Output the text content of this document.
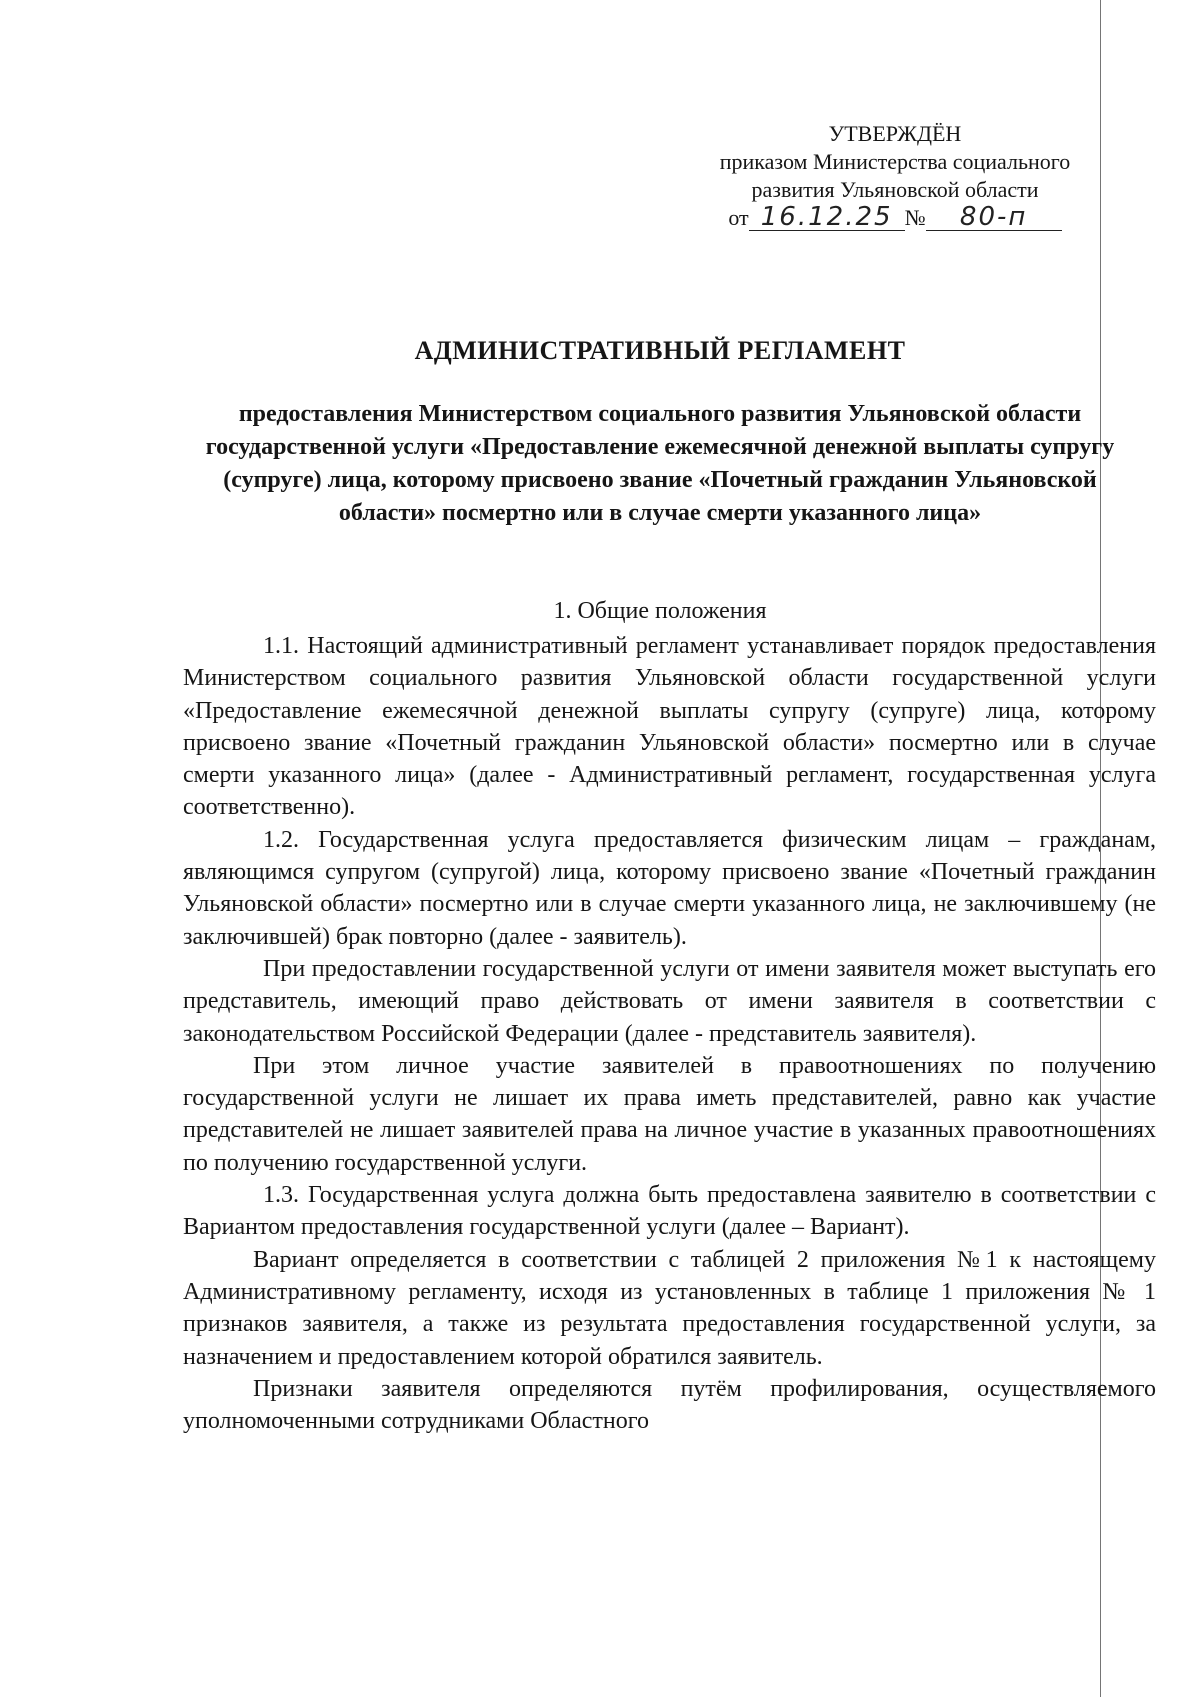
УТВЕРЖДЁН
приказом Министерства социального
развития Ульяновской области
от 16.12.25 № 80-п
АДМИНИСТРАТИВНЫЙ РЕГЛАМЕНТ
предоставления Министерством социального развития Ульяновской области государственной услуги «Предоставление ежемесячной денежной выплаты супругу (супруге) лица, которому присвоено звание «Почетный гражданин Ульяновской области» посмертно или в случае смерти указанного лица»
1. Общие положения

1.1. Настоящий административный регламент устанавливает порядок предоставления Министерством социального развития Ульяновской области государственной услуги «Предоставление ежемесячной денежной выплаты супругу (супруге) лица, которому присвоено звание «Почетный гражданин Ульяновской области» посмертно или в случае смерти указанного лица» (далее - Административный регламент, государственная услуга соответственно).

1.2. Государственная услуга предоставляется физическим лицам – гражданам, являющимся супругом (супругой) лица, которому присвоено звание «Почетный гражданин Ульяновской области» посмертно или в случае смерти указанного лица, не заключившему (не заключившей) брак повторно (далее - заявитель).

При предоставлении государственной услуги от имени заявителя может выступать его представитель, имеющий право действовать от имени заявителя в соответствии с законодательством Российской Федерации (далее - представитель заявителя).

При этом личное участие заявителей в правоотношениях по получению государственной услуги не лишает их права иметь представителей, равно как участие представителей не лишает заявителей права на личное участие в указанных правоотношениях по получению государственной услуги.

1.3. Государственная услуга должна быть предоставлена заявителю в соответствии с Вариантом предоставления государственной услуги (далее – Вариант).

Вариант определяется в соответствии с таблицей 2 приложения №1 к настоящему Административному регламенту, исходя из установленных в таблице 1 приложения № 1 признаков заявителя, а также из результата предоставления государственной услуги, за назначением и предоставлением которой обратился заявитель.

Признаки заявителя определяются путём профилирования, осуществляемого уполномоченными сотрудниками Областного
